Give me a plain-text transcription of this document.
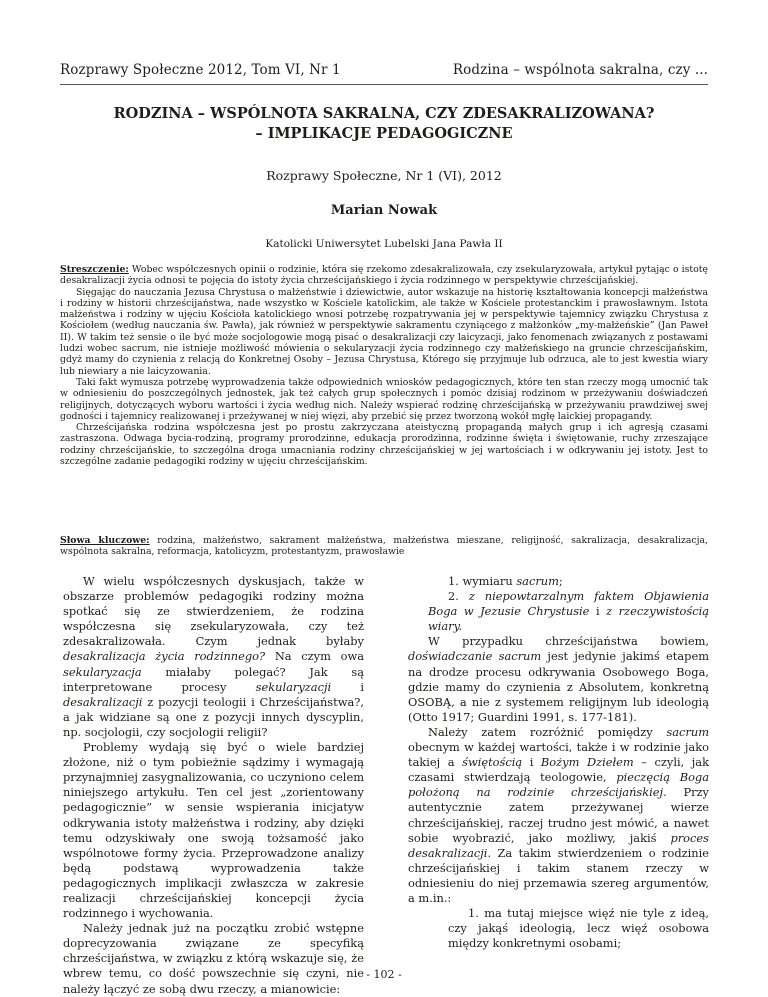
Rozprawy Społeczne 2012, Tom VI, Nr 1	Rodzina – wspólnota sakralna, czy ...
RODZINA – WSPÓLNOTA SAKRALNA, CZY ZDESAKRALIZOWANA?
– IMPLIKACJE PEDAGOGICZNE
Rozprawy Społeczne, Nr 1 (VI), 2012
Marian Nowak
Katolicki Uniwersytet Lubelski Jana Pawła II

Streszczenie: Wobec współczesnych opinii o rodzinie, która się rzekomo zdesakralizowała, czy zsekularyzowała, artykuł pytając o istotę desakralizacji życia odnosi te pojęcia do istoty życia chrześcijańskiego i życia rodzinnego w perspektywie chrześcijańskiej.

Sięgając do nauczania Jezusa Chrystusa o małżeństwie i dziewictwie, autor wskazuje na historię kształtowania koncepcji małżeństwa i rodziny w historii chrześcijaństwa, nade wszystko w Kościele katolickim, ale także w Kościele protestanckim i prawosławnym. Istota małżeństwa i rodziny w ujęciu Kościoła katolickiego wnosi potrzebę rozpatrywania jej w perspektywie tajemnicy związku Chrystusa z Kościołem (według nauczania św. Pawła), jak również w perspektywie sakramentu czyniącego z małżonków „my-małżeńskie” (Jan Paweł II). W takim też sensie o ile być może socjologowie mogą pisać o desakralizacji czy laicyzacji, jako fenomenach związanych z postawami ludzi wobec sacrum, nie istnieje możliwość mówienia o sekularyzacji życia rodzinnego czy małżeńskiego na gruncie chrześcijańskim, gdyż mamy do czynienia z relacją do Konkretnej Osoby – Jezusa Chrystusa, Którego się przyjmuje lub odrzuca, ale to jest kwestia wiary lub niewiary a nie laicyzowania.

Taki fakt wymusza potrzebę wyprowadzenia także odpowiednich wniosków pedagogicznych, które ten stan rzeczy mogą umocnić tak w odniesieniu do poszczególnych jednostek, jak też całych grup społecznych i pomóc dzisiaj rodzinom w przeżywaniu doświadczeń religijnych, dotyczących wyboru wartości i życia według nich. Należy wspierać rodzinę chrześcijańską w przeżywaniu prawdziwej swej godności i tajemnicy realizowanej i przeżywanej w niej więzi, aby przebić się przez tworzoną wokół mgłę laickiej propagandy.

Chrześcijańska rodzina współczesna jest po prostu zakrzyczana ateistyczną propagandą małych grup i ich agresją czasami zastraszona. Odwaga bycia-rodziną, programy prorodzinne, edukacja prorodzinna, rodzinne święta i świętowanie, ruchy zrzeszające rodziny chrześcijańskie, to szczególna droga umacniania rodziny chrześcijańskiej w jej wartościach i w odkrywaniu jej istoty. Jest to szczególne zadanie pedagogiki rodziny w ujęciu chrześcijańskim.

Słowa kluczowe: rodzina, małżeństwo, sakrament małżeństwa, małżeństwa mieszane, religijność, sakralizacja, desakralizacja, wspólnota sakralna, reformacja, katolicyzm, protestantyzm, prawosławie

W wielu współczesnych dyskusjach, także w obszarze problemów pedagogiki rodziny można spotkać się ze stwierdzeniem, że rodzina współczesna się zsekularyzowała, czy też zdesakralizowała. Czym jednak byłaby desakralizacja życia rodzinnego? Na czym owa sekularyzacja miałaby polegać? Jak są interpretowane procesy sekularyzacji i desakralizacji z pozycji teologii i Chrześcijaństwa?, a jak widziane są one z pozycji innych dyscyplin, np. socjologii, czy socjologii religii?

Problemy wydają się być o wiele bardziej złożone, niż o tym pobieżnie sądzimy i wymagają przynajmniej zasygnalizowania, co uczyniono celem niniejszego artykułu. Ten cel jest „zorientowany pedagogicznie” w sensie wspierania inicjatyw odkrywania istoty małżeństwa i rodziny, aby dzięki temu odzyskiwały one swoją tożsamość jako wspólnotowe formy życia. Przeprowadzone analizy będą podstawą wyprowadzenia także pedagogicznych implikacji zwłaszcza w zakresie realizacji chrześcijańskiej koncepcji życia rodzinnego i wychowania.

Należy jednak już na początku zrobić wstępne doprecyzowania związane ze specyfiką chrześcijaństwa, w związku z którą wskazuje się, że wbrew temu, co dość powszechnie się czyni, nie należy łączyć ze sobą dwu rzeczy, a mianowicie:

1. wymiaru sacrum;

2. z niepowtarzalnym faktem Objawienia Boga w Jezusie Chrystusie i z rzeczywistością wiary.

W przypadku chrześcijaństwa bowiem, doświadczanie sacrum jest jedynie jakimś etapem na drodze procesu odkrywania Osobowego Boga, gdzie mamy do czynienia z Absolutem, konkretną OSOBĄ, a nie z systemem religijnym lub ideologią (Otto 1917; Guardini 1991, s. 177-181).

Należy zatem rozróżnić pomiędzy sacrum obecnym w każdej wartości, także i w rodzinie jako takiej a świętością i Bożym Dziełem – czyli, jak czasami stwierdzają teologowie, pieczęcią Boga położoną na rodzinie chrześcijańskiej. Przy autentycznie zatem przeżywanej wierze chrześcijańskiej, raczej trudno jest mówić, a nawet sobie wyobrazić, jako możliwy, jakiś proces desakralizacji. Za takim stwierdzeniem o rodzinie chrześcijańskiej i takim stanem rzeczy w odniesieniu do niej przemawia szereg argumentów, a m.in.:

1. ma tutaj miejsce więź nie tyle z ideą, czy jakąś ideologią, lecz więź osobowa między konkretnymi osobami;

- 102 -
